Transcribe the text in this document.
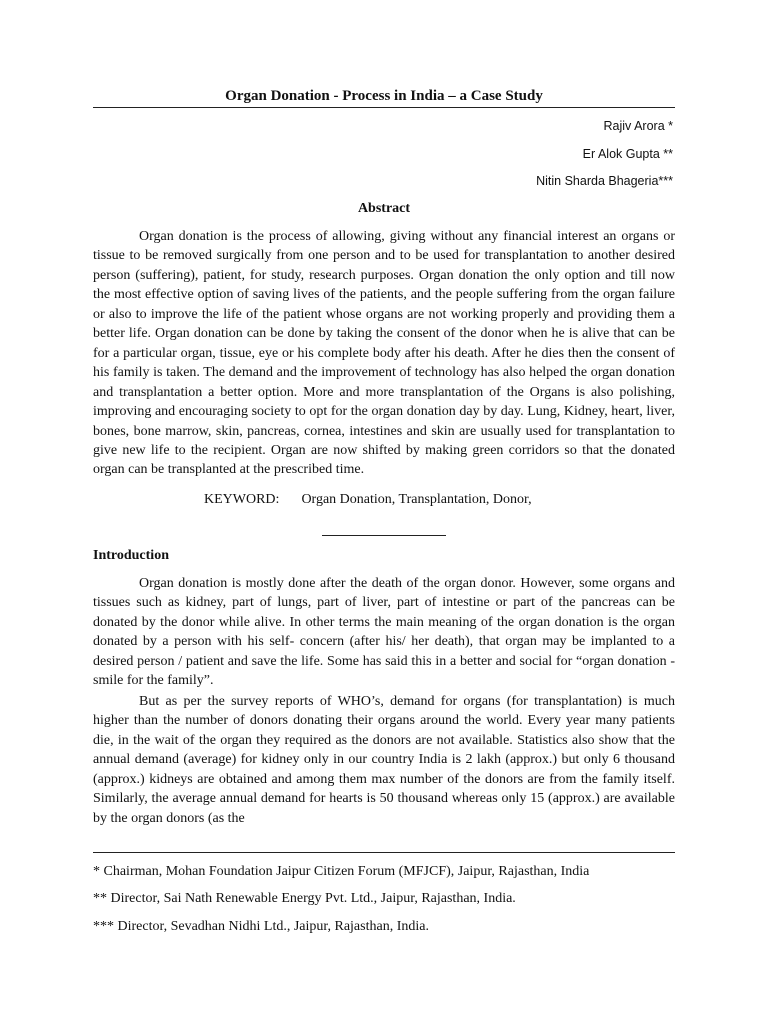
Organ Donation - Process in India – a Case Study
Rajiv Arora *
Er Alok Gupta **
Nitin Sharda Bhageria***
Abstract

Organ donation is the process of allowing, giving without any financial interest an organs or tissue to be removed surgically from one person and to be used for transplantation to another desired person (suffering), patient, for study, research purposes. Organ donation the only option and till now the most effective option of saving lives of the patients, and the people suffering from the organ failure or also to improve the life of the patient whose organs are not working properly and providing them a better life. Organ donation can be done by taking the consent of the donor when he is alive that can be for a particular organ, tissue, eye or his complete body after his death. After he dies then the consent of his family is taken. The demand and the improvement of technology has also helped the organ donation and transplantation a better option. More and more transplantation of the Organs is also polishing, improving and encouraging society to opt for the organ donation day by day. Lung, Kidney, heart, liver, bones, bone marrow, skin, pancreas, cornea, intestines and skin are usually used for transplantation to give new life to the recipient. Organ are now shifted by making green corridors so that the donated organ can be transplanted at the prescribed time.

KEYWORD: Organ Donation, Transplantation, Donor,
Introduction

Organ donation is mostly done after the death of the organ donor. However, some organs and tissues such as kidney, part of lungs, part of liver, part of intestine or part of the pancreas can be donated by the donor while alive. In other terms the main meaning of the organ donation is the organ donated by a person with his self- concern (after his/ her death), that organ may be implanted to a desired person / patient and save the life. Some has said this in a better and social for “organ donation - smile for the family”.

But as per the survey reports of WHO’s, demand for organs (for transplantation) is much higher than the number of donors donating their organs around the world. Every year many patients die, in the wait of the organ they required as the donors are not available. Statistics also show that the annual demand (average) for kidney only in our country India is 2 lakh (approx.) but only 6 thousand (approx.) kidneys are obtained and among them max number of the donors are from the family itself. Similarly, the average annual demand for hearts is 50 thousand whereas only 15 (approx.) are available by the organ donors (as the

* Chairman, Mohan Foundation Jaipur Citizen Forum (MFJCF), Jaipur, Rajasthan, India
** Director, Sai Nath Renewable Energy Pvt. Ltd., Jaipur, Rajasthan, India.
*** Director, Sevadhan Nidhi Ltd., Jaipur, Rajasthan, India.
